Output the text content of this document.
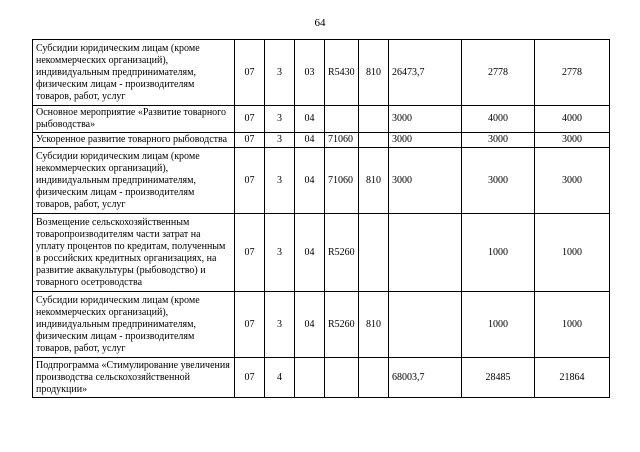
64
Субсидии юридическим лицам (кроме некоммерческих организаций), индивидуальным предпринимателям, физическим лицам - производителям товаров, работ, услуг	07	3	03	R5430	810	26473,7	2778	2778
Основное мероприятие «Развитие товарного рыбоводства»	07	3	04			3000	4000	4000
Ускоренное развитие товарного рыбоводства	07	3	04	71060		3000	3000	3000
Субсидии юридическим лицам (кроме некоммерческих организаций), индивидуальным предпринимателям, физическим лицам - производителям товаров, работ, услуг	07	3	04	71060	810	3000	3000	3000
Возмещение сельскохозяйственным товаропроизводителям части затрат на уплату процентов по кредитам, полученным в российских кредитных организациях, на развитие аквакультуры (рыбоводство) и товарного осетроводства	07	3	04	R5260			1000	1000
Субсидии юридическим лицам (кроме некоммерческих организаций), индивидуальным предпринимателям, физическим лицам - производителям товаров, работ, услуг	07	3	04	R5260	810		1000	1000
Подпрограмма «Стимулирование увеличения производства сельскохозяйственной продукции»	07	4				68003,7	28485	21864
